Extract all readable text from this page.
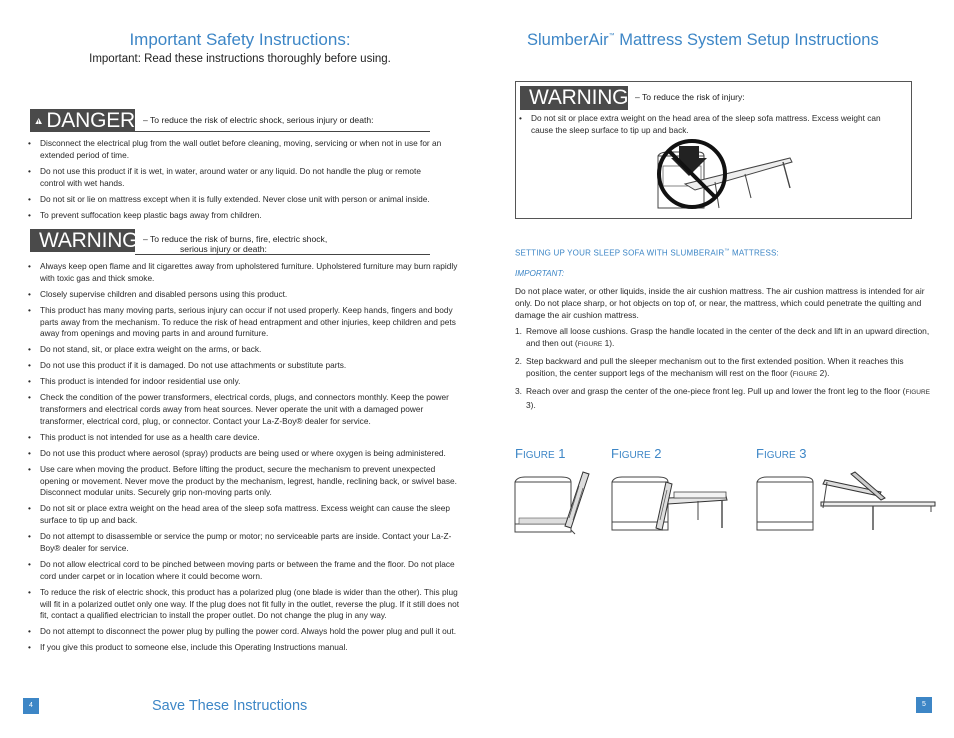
Important Safety Instructions:
Important: Read these instructions thoroughly before using.
DANGER – To reduce the risk of electric shock, serious injury or death:
• Disconnect the electrical plug from the wall outlet before cleaning, moving, servicing or when not in use for an extended period of time.
• Do not use this product if it is wet, in water, around water or any liquid. Do not handle the plug or remote control with wet hands.
• Do not sit or lie on mattress except when it is fully extended. Never close unit with person or animal inside.
• To prevent suffocation keep plastic bags away from children.
WARNING – To reduce the risk of burns, fire, electric shock,
serious injury or death:
• Always keep open flame and lit cigarettes away from upholstered furniture. Upholstered furniture may burn rapidly with toxic gas and thick smoke.
• Closely supervise children and disabled persons using this product.
• This product has many moving parts, serious injury can occur if not used properly. Keep hands, fingers and body parts away from the mechanism. To reduce the risk of head entrapment and other injuries, keep children and pets away from openings and moving parts in and around furniture.
• Do not stand, sit, or place extra weight on the arms, or back.
• Do not use this product if it is damaged. Do not use attachments or substitute parts.
• This product is intended for indoor residential use only.
• Check the condition of the power transformers, electrical cords, plugs, and connectors monthly. Keep the power transformers and electrical cords away from heat sources. Never operate the unit with a damaged power transformer, electrical cord, plug, or connector. Contact your La-Z-Boy® dealer for service.
• This product is not intended for use as a health care device.
• Do not use this product where aerosol (spray) products are being used or where oxygen is being administered.
• Use care when moving the product. Before lifting the product, secure the mechanism to prevent unexpected opening or movement. Never move the product by the mechanism, legrest, handle, reclining back, or swivel base. Disconnect modular units. Securely grip non-moving parts only.
• Do not sit or place extra weight on the head area of the sleep sofa mattress. Excess weight can cause the sleep surface to tip up and back.
• Do not attempt to disassemble or service the pump or motor; no serviceable parts are inside. Contact your La-Z-Boy® dealer for service.
• Do not allow electrical cord to be pinched between moving parts or between the frame and the floor. Do not place cord under carpet or in location where it could become worn.
• To reduce the risk of electric shock, this product has a polarized plug (one blade is wider than the other). This plug will fit in a polarized outlet only one way. If the plug does not fit fully in the outlet, reverse the plug. If it still does not fit, contact a qualified electrician to install the proper outlet. Do not change the plug in any way.
• Do not attempt to disconnect the power plug by pulling the power cord. Always hold the power plug and pull it out.
• If you give this product to someone else, include this Operating Instructions manual.
4	Save These Instructions
SlumberAir™ Mattress System Setup Instructions
WARNING – To reduce the risk of injury:
• Do not sit or place extra weight on the head area of the sleep sofa mattress. Excess weight can cause the sleep surface to tip up and back.
SETTING UP YOUR SLEEP SOFA WITH SLUMBERAIR™ MATTRESS:
IMPORTANT:
Do not place water, or other liquids, inside the air cushion mattress. The air cushion mattress is intended for air only. Do not place sharp, or hot objects on top of, or near, the mattress, which could penetrate the quilting and damage the air cushion mattress.
1. Remove all loose cushions. Grasp the handle located in the center of the deck and lift in an upward direction, and then out (FIGURE 1).
2. Step backward and pull the sleeper mechanism out to the first extended position. When it reaches this position, the center support legs of the mechanism will rest on the floor (FIGURE 2).
3. Reach over and grasp the center of the one-piece front leg. Pull up and lower the front leg to the floor (FIGURE 3).
FIGURE 1	FIGURE 2	FIGURE 3
5
